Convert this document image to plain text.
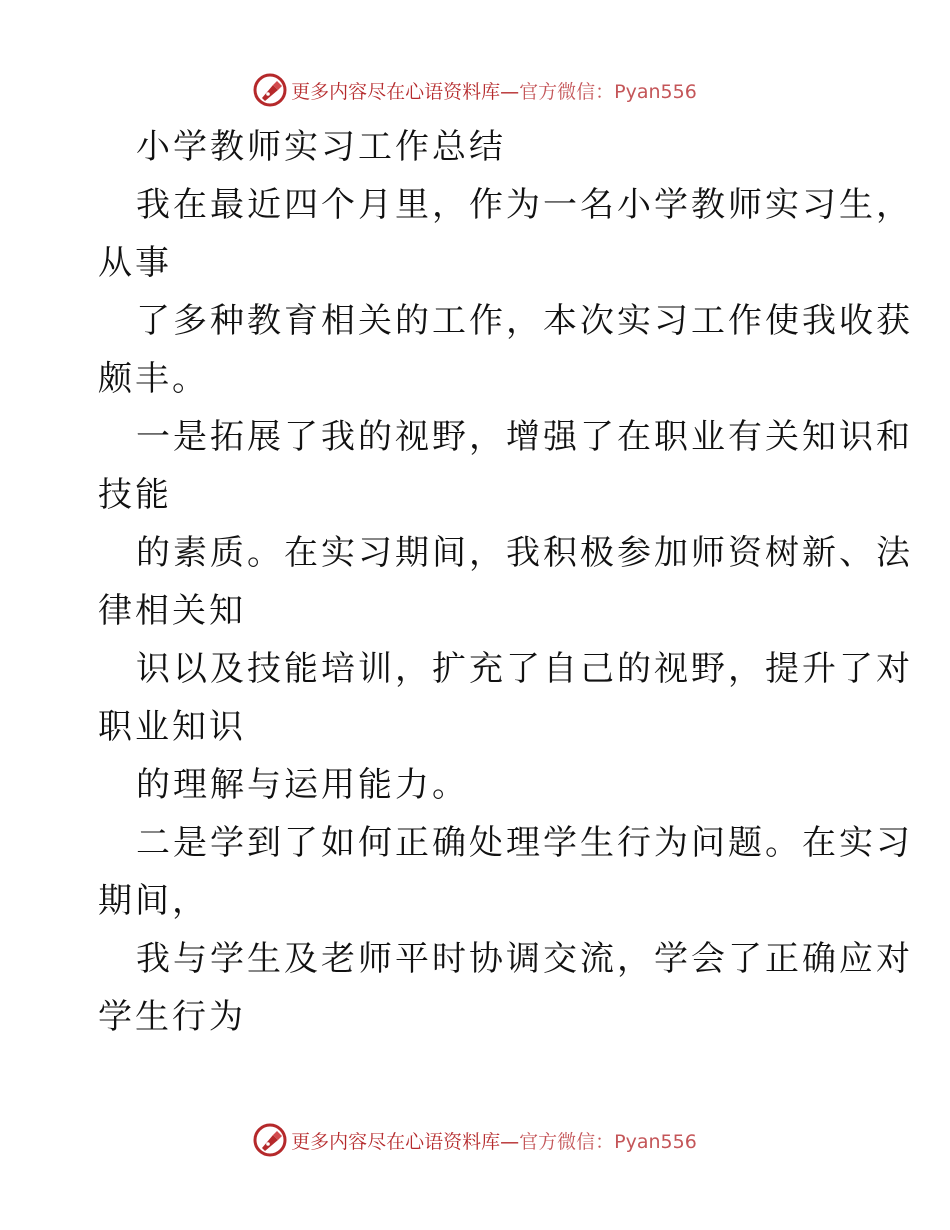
更多内容尽在心语资料库—官方微信：Pyan556
小学教师实习工作总结
我在最近四个月里，作为一名小学教师实习生，
从事
了多种教育相关的工作，本次实习工作使我收获
颇丰。
一是拓展了我的视野，增强了在职业有关知识和
技能
的素质。在实习期间，我积极参加师资树新、法
律相关知
识以及技能培训，扩充了自己的视野，提升了对
职业知识
的理解与运用能力。
二是学到了如何正确处理学生行为问题。在实习
期间，
我与学生及老师平时协调交流，学会了正确应对
学生行为
更多内容尽在心语资料库—官方微信：Pyan556
